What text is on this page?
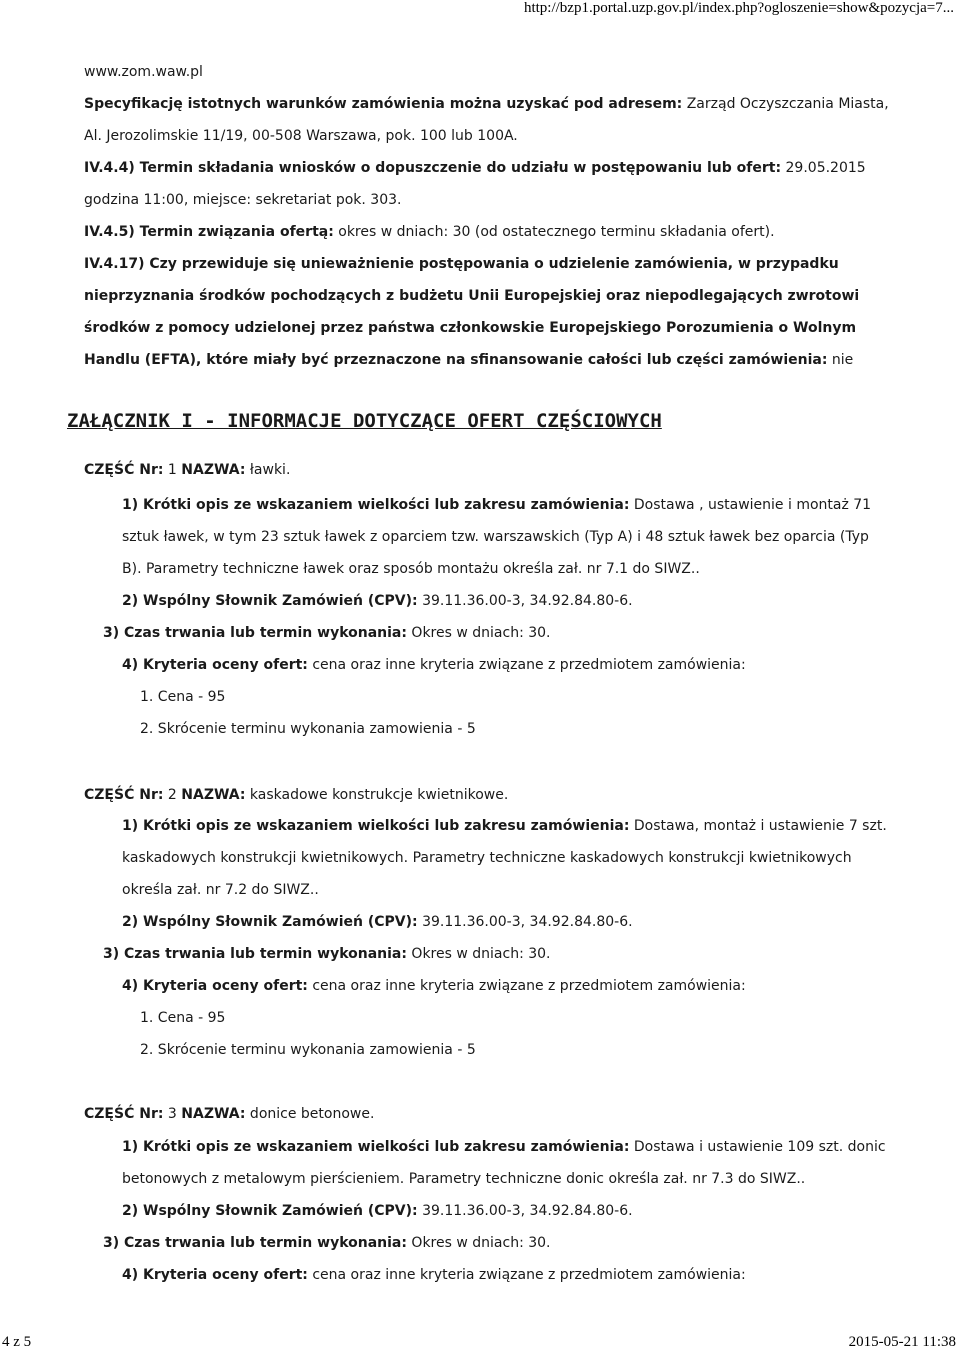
http://bzp1.portal.uzp.gov.pl/index.php?ogloszenie=show&pozycja=7...
www.zom.waw.pl
Specyfikację istotnych warunków zamówienia można uzyskać pod adresem: Zarząd Oczyszczania Miasta,
Al. Jerozolimskie 11/19, 00-508 Warszawa, pok. 100 lub 100A.
IV.4.4) Termin składania wniosków o dopuszczenie do udziału w postępowaniu lub ofert: 29.05.2015
godzina 11:00, miejsce: sekretariat pok. 303.
IV.4.5) Termin związania ofertą: okres w dniach: 30 (od ostatecznego terminu składania ofert).
IV.4.17) Czy przewiduje się unieważnienie postępowania o udzielenie zamówienia, w przypadku
nieprzyznania środków pochodzących z budżetu Unii Europejskiej oraz niepodlegających zwrotowi
środków z pomocy udzielonej przez państwa członkowskie Europejskiego Porozumienia o Wolnym
Handlu (EFTA), które miały być przeznaczone na sfinansowanie całości lub części zamówienia: nie
ZAŁĄCZNIK I - INFORMACJE DOTYCZĄCE OFERT CZĘŚCIOWYCH
CZĘŚĆ Nr: 1 NAZWA: ławki.
1) Krótki opis ze wskazaniem wielkości lub zakresu zamówienia: Dostawa , ustawienie i montaż 71
sztuk ławek, w tym 23 sztuk ławek z oparciem tzw. warszawskich (Typ A) i 48 sztuk ławek bez oparcia (Typ
B). Parametry techniczne ławek oraz sposób montażu określa zał. nr 7.1 do SIWZ..
2) Wspólny Słownik Zamówień (CPV): 39.11.36.00-3, 34.92.84.80-6.
3) Czas trwania lub termin wykonania: Okres w dniach: 30.
4) Kryteria oceny ofert: cena oraz inne kryteria związane z przedmiotem zamówienia:
1. Cena - 95
2. Skrócenie terminu wykonania zamowienia - 5
CZĘŚĆ Nr: 2 NAZWA: kaskadowe konstrukcje kwietnikowe.
1) Krótki opis ze wskazaniem wielkości lub zakresu zamówienia: Dostawa, montaż i ustawienie 7 szt.
kaskadowych konstrukcji kwietnikowych. Parametry techniczne kaskadowych konstrukcji kwietnikowych
określa zał. nr 7.2 do SIWZ..
2) Wspólny Słownik Zamówień (CPV): 39.11.36.00-3, 34.92.84.80-6.
3) Czas trwania lub termin wykonania: Okres w dniach: 30.
4) Kryteria oceny ofert: cena oraz inne kryteria związane z przedmiotem zamówienia:
1. Cena - 95
2. Skrócenie terminu wykonania zamowienia - 5
CZĘŚĆ Nr: 3 NAZWA: donice betonowe.
1) Krótki opis ze wskazaniem wielkości lub zakresu zamówienia: Dostawa i ustawienie 109 szt. donic
betonowych z metalowym pierścieniem. Parametry techniczne donic określa zał. nr 7.3 do SIWZ..
2) Wspólny Słownik Zamówień (CPV): 39.11.36.00-3, 34.92.84.80-6.
3) Czas trwania lub termin wykonania: Okres w dniach: 30.
4) Kryteria oceny ofert: cena oraz inne kryteria związane z przedmiotem zamówienia:
4 z 5	2015-05-21 11:38
